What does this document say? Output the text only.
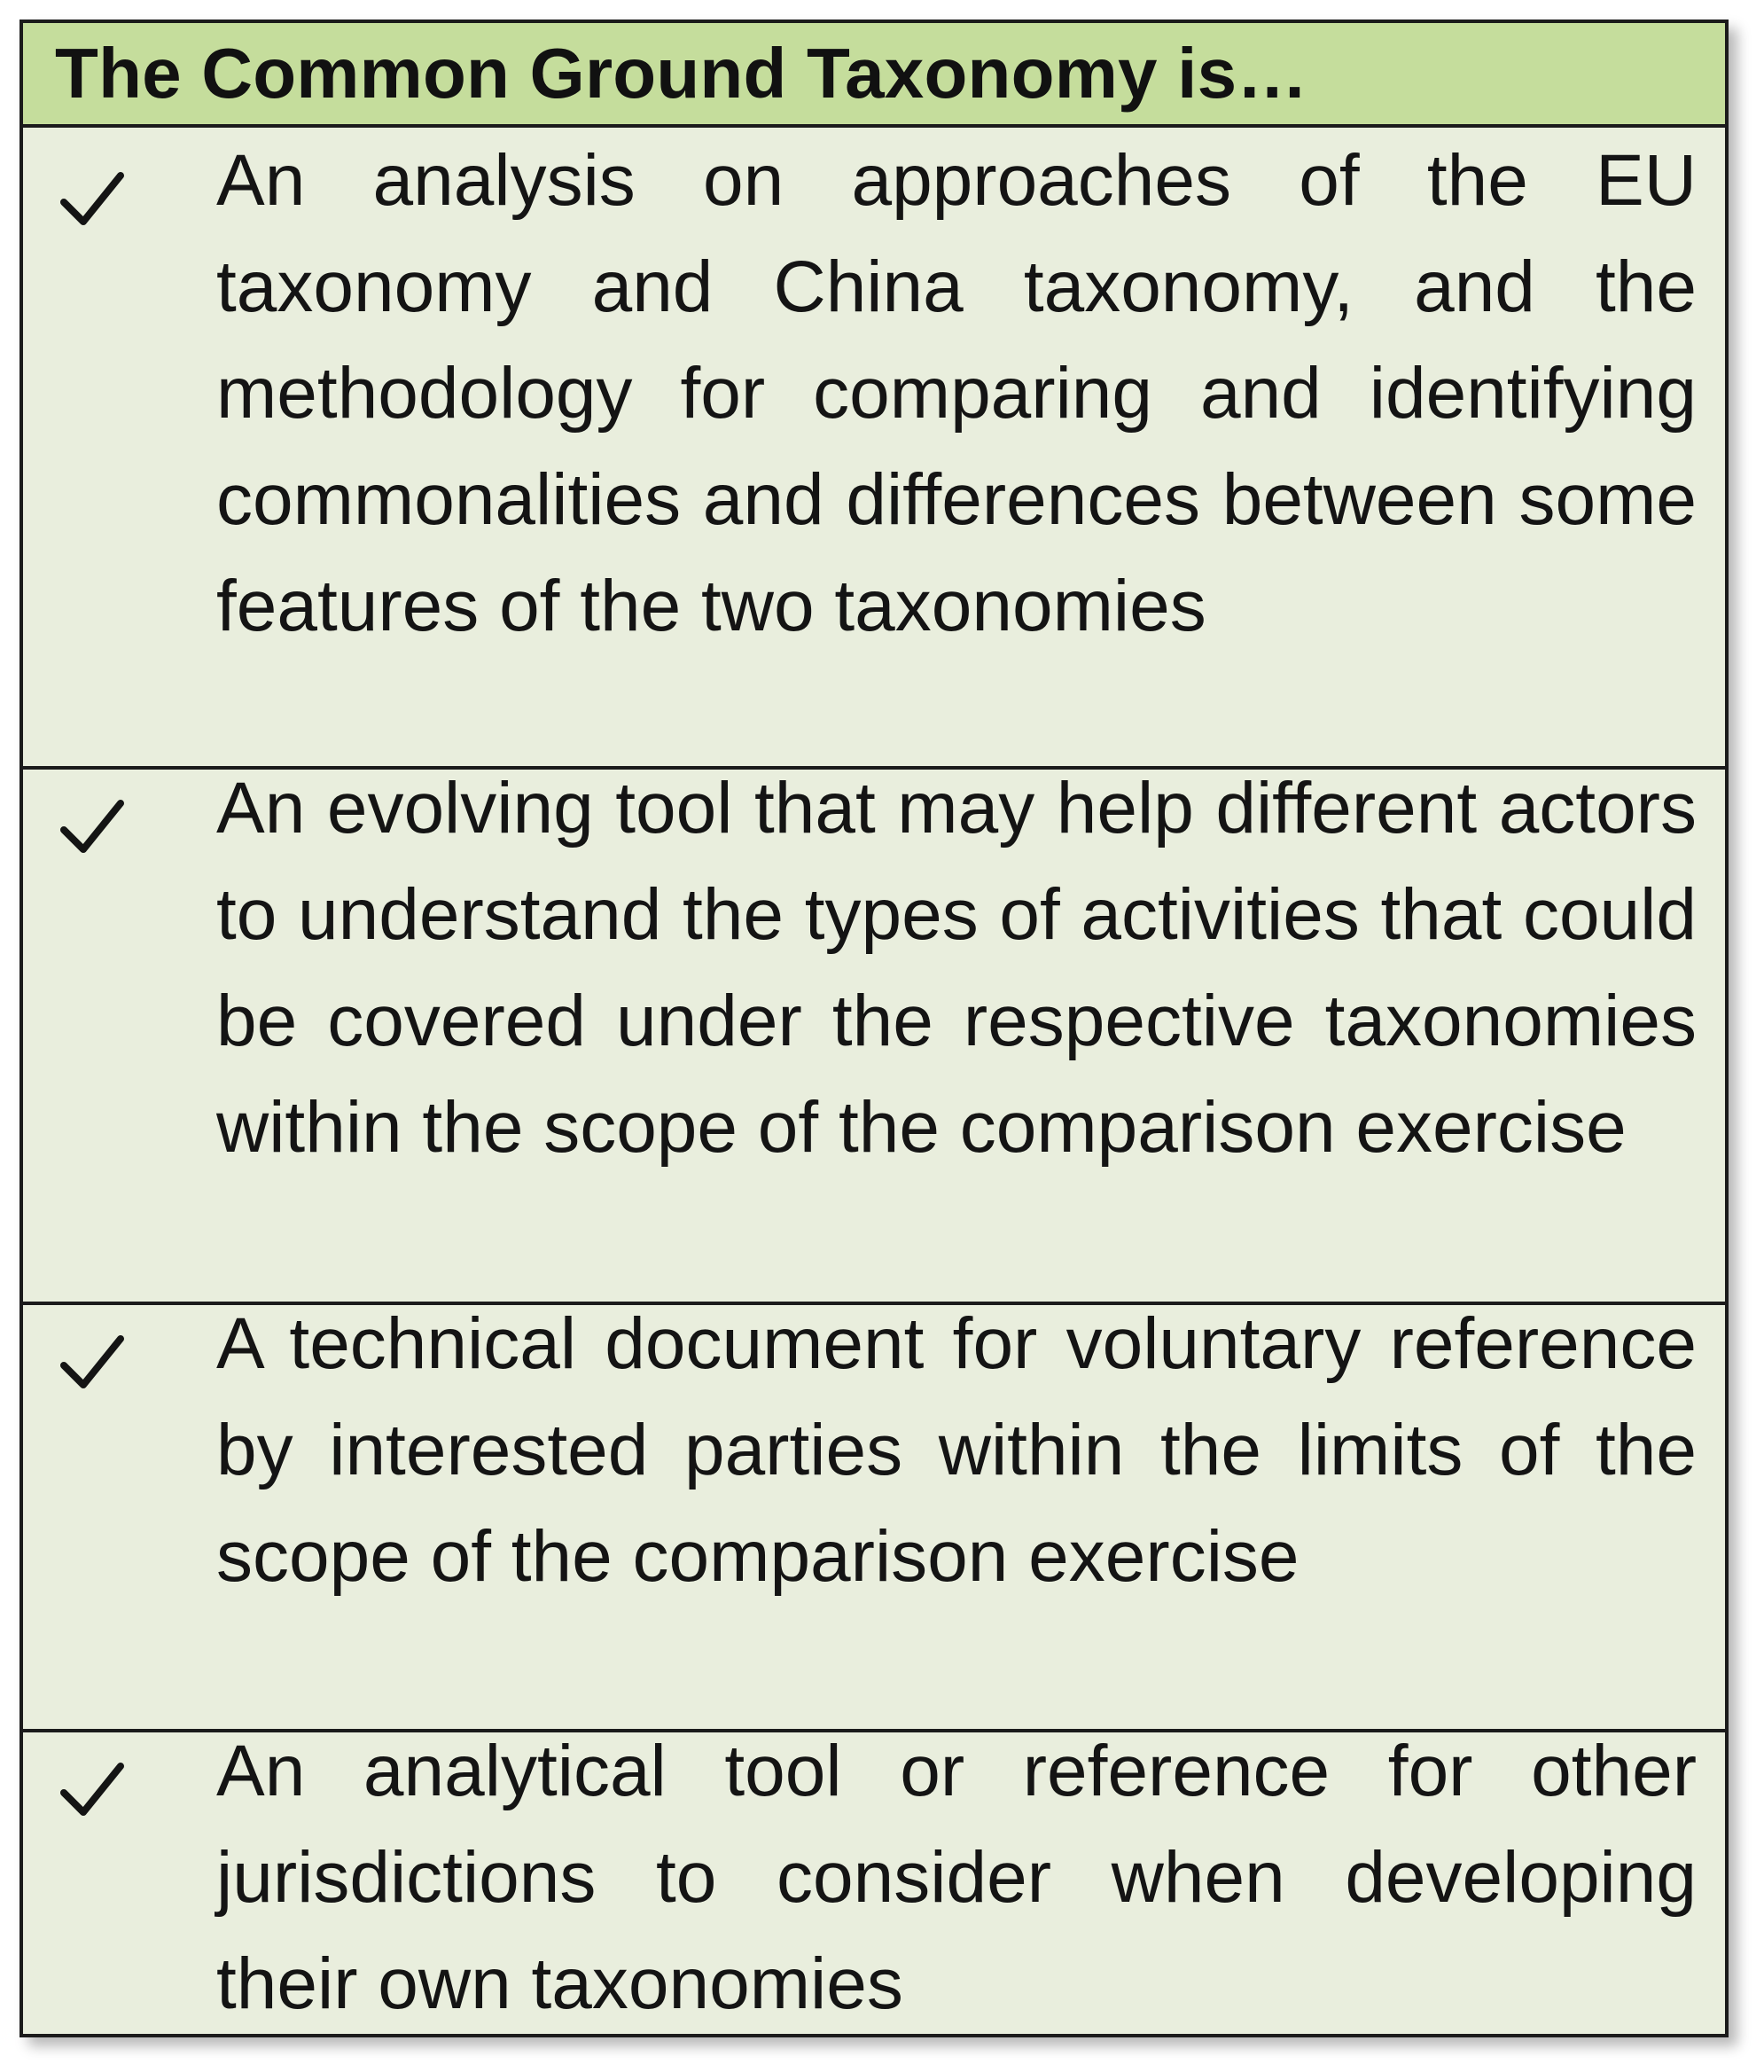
The Common Ground Taxonomy is…
An analysis on approaches of the EU taxonomy and China taxonomy, and the methodology for comparing and identifying commonalities and differences between some features of the two taxonomies
An evolving tool that may help different actors to understand the types of activities that could be covered under the respective taxonomies within the scope of the comparison exercise
A technical document for voluntary reference by interested parties within the limits of the scope of the comparison exercise
An analytical tool or reference for other jurisdictions to consider when developing their own taxonomies
